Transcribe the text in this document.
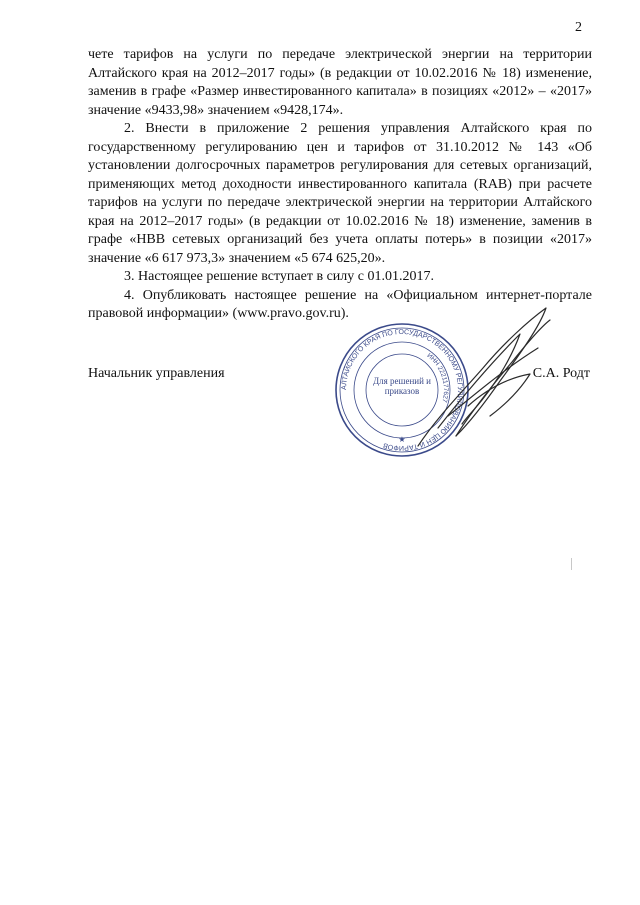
2

чете тарифов на услуги по передаче электрической энергии на территории Алтайского края на 2012–2017 годы» (в редакции от 10.02.2016 № 18) изменение, заменив в графе «Размер инвестированного капитала» в позициях «2012» – «2017» значение «9433,98» значением «9428,174».

2. Внести в приложение 2 решения управления Алтайского края по государственному регулированию цен и тарифов от 31.10.2012 № 143 «Об установлении долгосрочных параметров регулирования для сетевых организаций, применяющих метод доходности инвестированного капитала (RAB) при расчете тарифов на услуги по передаче электрической энергии на территории Алтайского края на 2012–2017 годы» (в редакции от 10.02.2016 № 18) изменение, заменив в графе «НВВ сетевых организаций без учета оплаты потерь» в позиции «2017» значение «6 617 973,3» значением «5 674 625,20».

3. Настоящее решение вступает в силу с 01.01.2017.

4. Опубликовать настоящее решение на «Официальном интернет-портале правовой информации» (www.pravo.gov.ru).

Начальник управления	С.А. Родт
АЛТАЙСКОГО КРАЯ ПО ГОСУДАРСТВЕННОМУ РЕГУЛИРОВАНИЮ ЦЕН И ТАРИФОВ
ИНН 2221177627
Для решений и приказов
★
